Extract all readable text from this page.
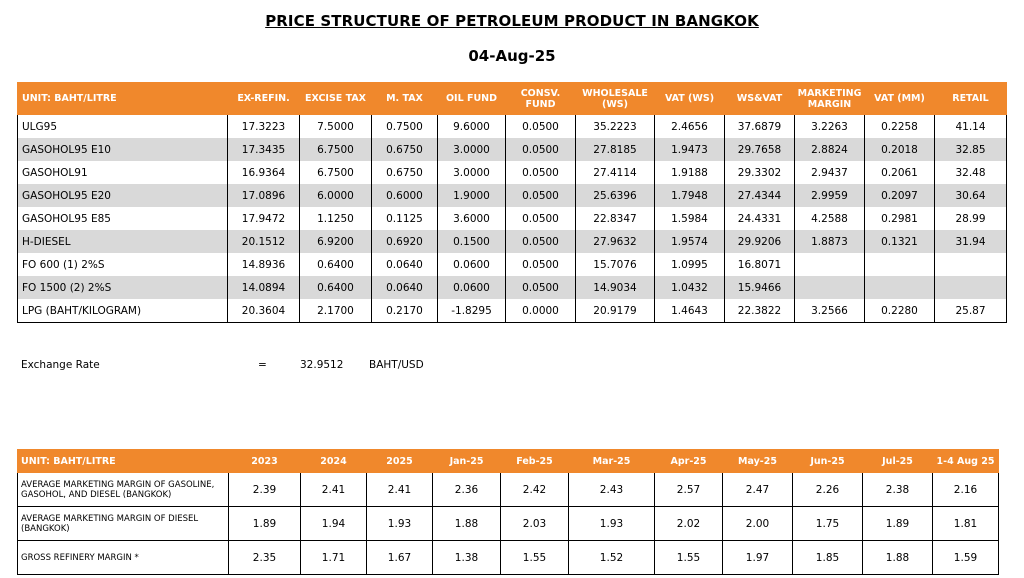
PRICE STRUCTURE OF PETROLEUM PRODUCT IN BANGKOK
04-Aug-25
UNIT: BAHT/LITRE	EX-REFIN.	EXCISE TAX	M. TAX	OIL FUND	CONSV. FUND	WHOLESALE (WS)	VAT (WS)	WS&VAT	MARKETING MARGIN	VAT (MM)	RETAIL
ULG95	17.3223	7.5000	0.7500	9.6000	0.0500	35.2223	2.4656	37.6879	3.2263	0.2258	41.14
GASOHOL95 E10	17.3435	6.7500	0.6750	3.0000	0.0500	27.8185	1.9473	29.7658	2.8824	0.2018	32.85
GASOHOL91	16.9364	6.7500	0.6750	3.0000	0.0500	27.4114	1.9188	29.3302	2.9437	0.2061	32.48
GASOHOL95 E20	17.0896	6.0000	0.6000	1.9000	0.0500	25.6396	1.7948	27.4344	2.9959	0.2097	30.64
GASOHOL95 E85	17.9472	1.1250	0.1125	3.6000	0.0500	22.8347	1.5984	24.4331	4.2588	0.2981	28.99
H-DIESEL	20.1512	6.9200	0.6920	0.1500	0.0500	27.9632	1.9574	29.9206	1.8873	0.1321	31.94
FO 600 (1) 2%S	14.8936	0.6400	0.0640	0.0600	0.0500	15.7076	1.0995	16.8071			
FO 1500 (2) 2%S	14.0894	0.6400	0.0640	0.0600	0.0500	14.9034	1.0432	15.9466			
LPG (BAHT/KILOGRAM)	20.3604	2.1700	0.2170	-1.8295	0.0000	20.9179	1.4643	22.3822	3.2566	0.2280	25.87
Exchange Rate	=	32.9512 BAHT/USD
UNIT: BAHT/LITRE	2023	2024	2025	Jan-25	Feb-25	Mar-25	Apr-25	May-25	Jun-25	Jul-25	1-4 Aug 25
AVERAGE MARKETING MARGIN OF GASOLINE, GASOHOL, AND DIESEL (BANGKOK)	2.39	2.41	2.41	2.36	2.42	2.43	2.57	2.47	2.26	2.38	2.16
AVERAGE MARKETING MARGIN OF DIESEL (BANGKOK)	1.89	1.94	1.93	1.88	2.03	1.93	2.02	2.00	1.75	1.89	1.81
GROSS REFINERY MARGIN *	2.35	1.71	1.67	1.38	1.55	1.52	1.55	1.97	1.85	1.88	1.59
